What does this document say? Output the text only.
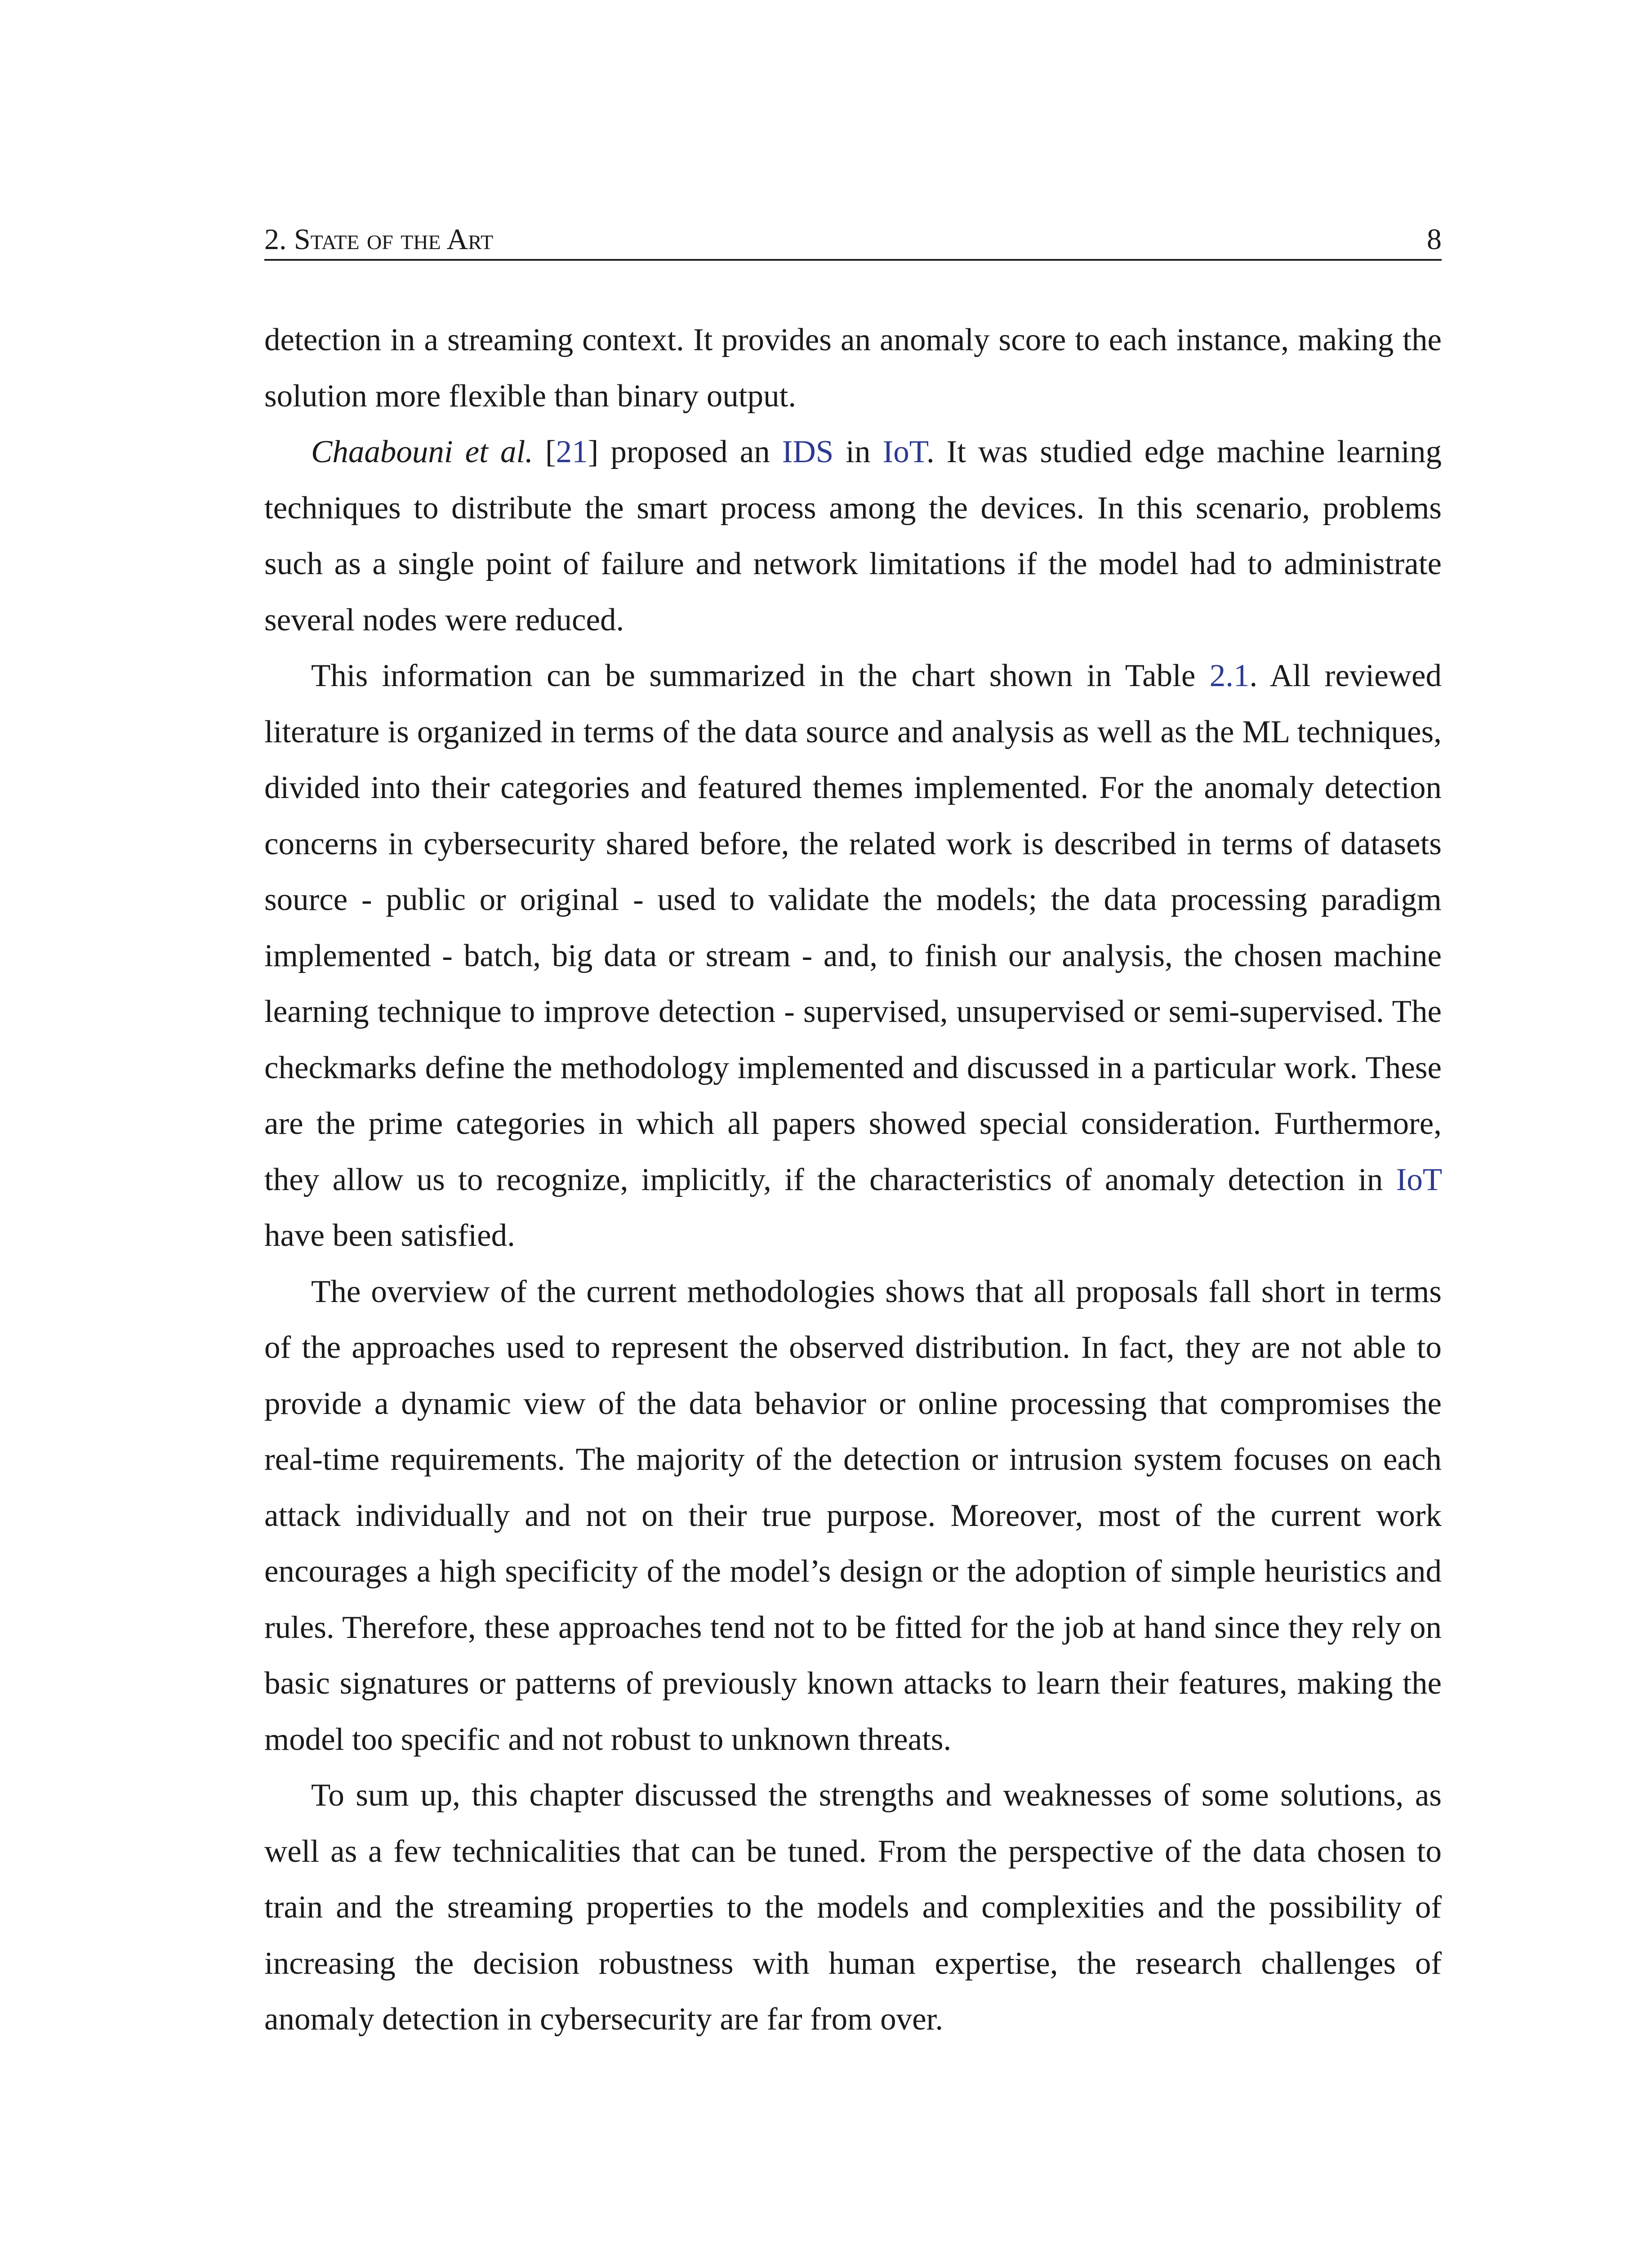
2. State of the Art	8

detection in a streaming context. It provides an anomaly score to each instance, making the solution more flexible than binary output.

Chaabouni et al. [21] proposed an IDS in IoT. It was studied edge machine learning techniques to distribute the smart process among the devices. In this scenario, problems such as a single point of failure and network limitations if the model had to administrate several nodes were reduced.

This information can be summarized in the chart shown in Table 2.1. All reviewed literature is organized in terms of the data source and analysis as well as the ML techniques, divided into their categories and featured themes implemented. For the anomaly detection concerns in cybersecurity shared before, the related work is described in terms of datasets source - public or original - used to validate the models; the data processing paradigm implemented - batch, big data or stream - and, to finish our analysis, the chosen machine learning technique to improve detection - supervised, unsupervised or semi-supervised. The checkmarks define the methodology implemented and discussed in a particular work. These are the prime categories in which all papers showed special consideration. Furthermore, they allow us to recognize, implicitly, if the characteristics of anomaly detection in IoT have been satisfied.

The overview of the current methodologies shows that all proposals fall short in terms of the approaches used to represent the observed distribution. In fact, they are not able to provide a dynamic view of the data behavior or online processing that compromises the real-time requirements. The majority of the detection or intrusion system focuses on each attack individually and not on their true purpose. Moreover, most of the current work encourages a high specificity of the model’s design or the adoption of simple heuristics and rules. Therefore, these approaches tend not to be fitted for the job at hand since they rely on basic signatures or patterns of previously known attacks to learn their features, making the model too specific and not robust to unknown threats.

To sum up, this chapter discussed the strengths and weaknesses of some solutions, as well as a few technicalities that can be tuned. From the perspective of the data chosen to train and the streaming properties to the models and complexities and the possibility of increasing the decision robustness with human expertise, the research challenges of anomaly detection in cybersecurity are far from over.
